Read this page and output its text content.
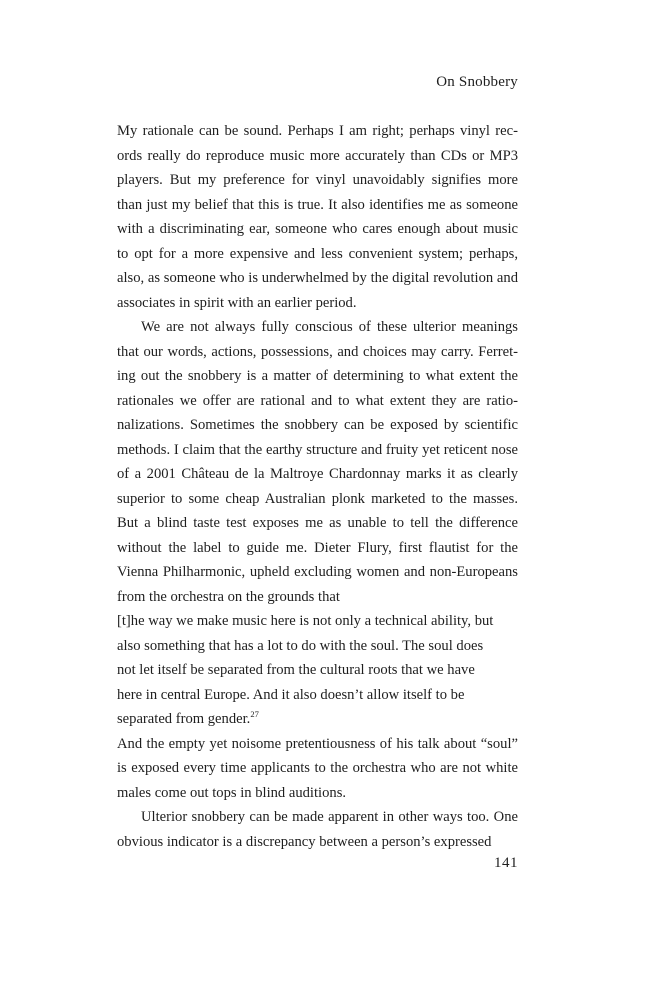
On Snobbery

My rationale can be sound. Perhaps I am right; perhaps vinyl records really do reproduce music more accurately than CDs or MP3 players. But my preference for vinyl unavoidably signifies more than just my belief that this is true. It also identifies me as someone with a discriminating ear, someone who cares enough about music to opt for a more expensive and less convenient system; perhaps, also, as someone who is underwhelmed by the digital revolution and associates in spirit with an earlier period.

We are not always fully conscious of these ulterior meanings that our words, actions, possessions, and choices may carry. Ferreting out the snobbery is a matter of determining to what extent the rationales we offer are rational and to what extent they are rationalizations. Sometimes the snobbery can be exposed by scientific methods. I claim that the earthy structure and fruity yet reticent nose of a 2001 Château de la Maltroye Chardonnay marks it as clearly superior to some cheap Australian plonk marketed to the masses. But a blind taste test exposes me as unable to tell the difference without the label to guide me. Dieter Flury, first flautist for the Vienna Philharmonic, upheld excluding women and non-Europeans from the orchestra on the grounds that

[t]he way we make music here is not only a technical ability, but also something that has a lot to do with the soul. The soul does not let itself be separated from the cultural roots that we have here in central Europe. And it also doesn’t allow itself to be separated from gender.$^{27}$

And the empty yet noisome pretentiousness of his talk about “soul” is exposed every time applicants to the orchestra who are not white males come out tops in blind auditions.

Ulterior snobbery can be made apparent in other ways too. One obvious indicator is a discrepancy between a person’s expressed

141
